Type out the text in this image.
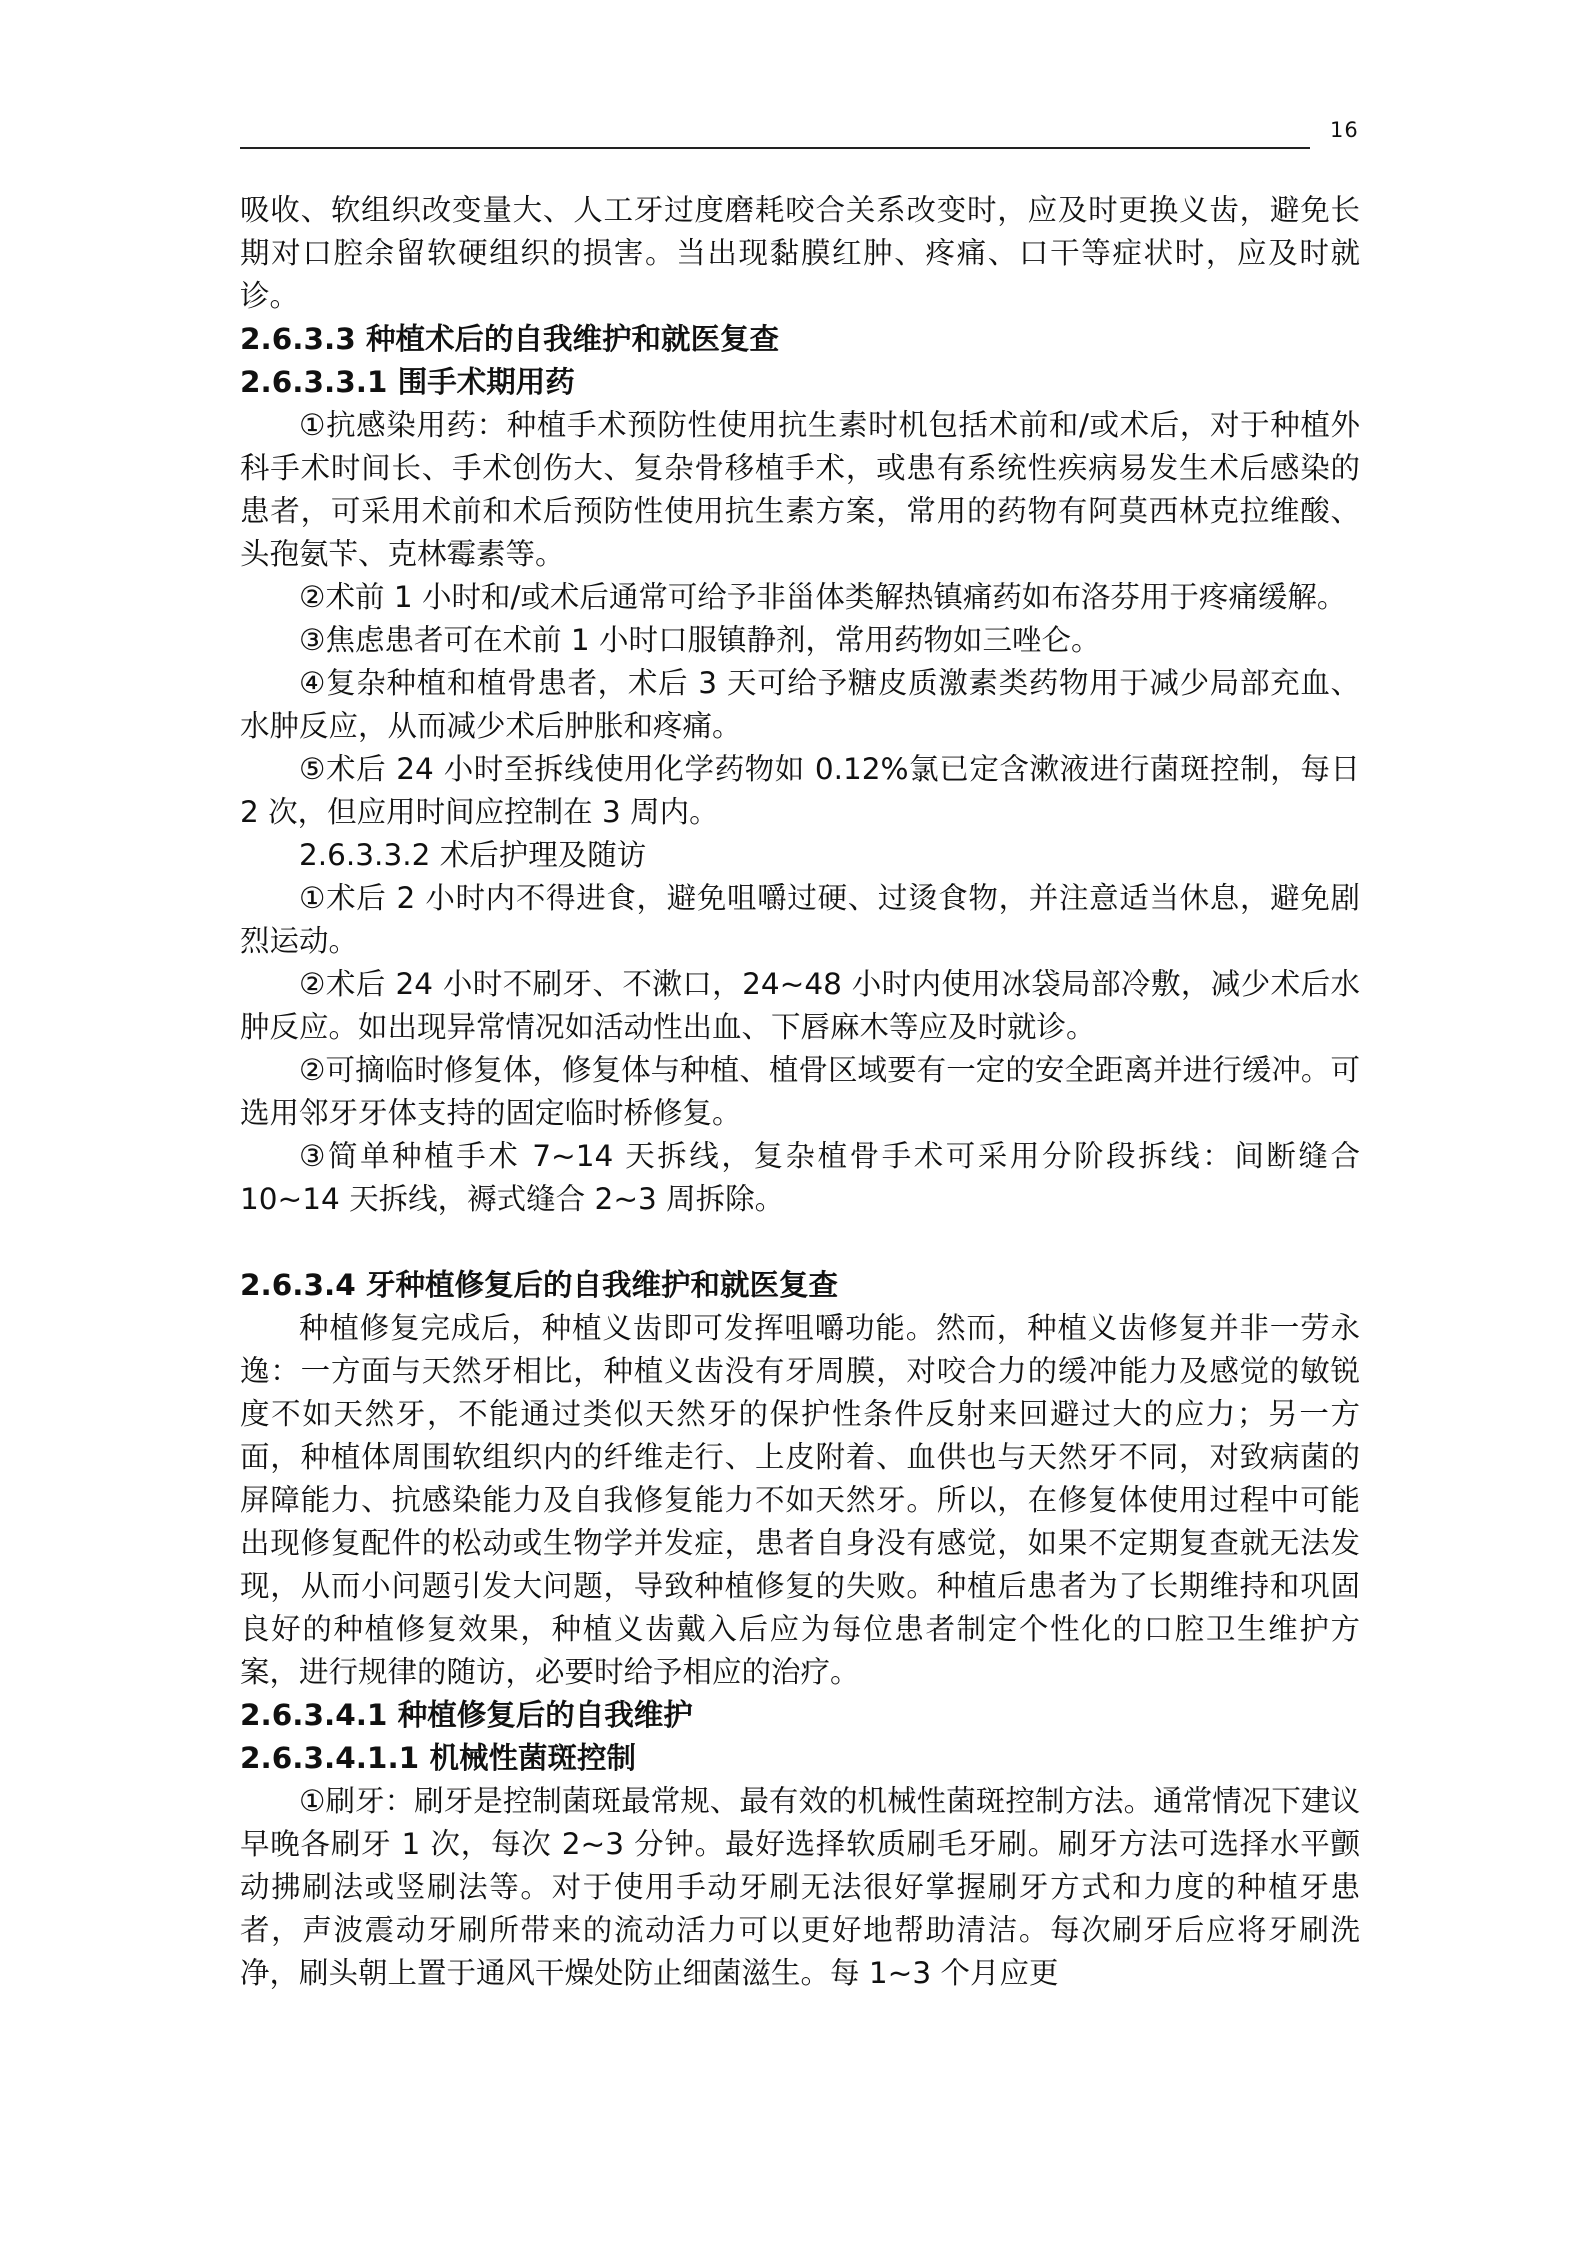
16

吸收、软组织改变量大、人工牙过度磨耗咬合关系改变时，应及时更换义齿，避免长期对口腔余留软硬组织的损害。当出现黏膜红肿、疼痛、口干等症状时，应及时就诊。

2.6.3.3 种植术后的自我维护和就医复查
2.6.3.3.1 围手术期用药

①抗感染用药：种植手术预防性使用抗生素时机包括术前和/或术后，对于种植外科手术时间长、手术创伤大、复杂骨移植手术，或患有系统性疾病易发生术后感染的患者，可采用术前和术后预防性使用抗生素方案，常用的药物有阿莫西林克拉维酸、头孢氨苄、克林霉素等。

②术前 1 小时和/或术后通常可给予非甾体类解热镇痛药如布洛芬用于疼痛缓解。

③焦虑患者可在术前 1 小时口服镇静剂，常用药物如三唑仑。

④复杂种植和植骨患者，术后 3 天可给予糖皮质激素类药物用于减少局部充血、水肿反应，从而减少术后肿胀和疼痛。

⑤术后 24 小时至拆线使用化学药物如 0.12%氯已定含漱液进行菌斑控制，每日 2 次，但应用时间应控制在 3 周内。

2.6.3.3.2 术后护理及随访

①术后 2 小时内不得进食，避免咀嚼过硬、过烫食物，并注意适当休息，避免剧烈运动。

②术后 24 小时不刷牙、不漱口，24~48 小时内使用冰袋局部冷敷，减少术后水肿反应。如出现异常情况如活动性出血、下唇麻木等应及时就诊。

②可摘临时修复体，修复体与种植、植骨区域要有一定的安全距离并进行缓冲。可选用邻牙牙体支持的固定临时桥修复。

③简单种植手术 7~14 天拆线，复杂植骨手术可采用分阶段拆线：间断缝合 10~14 天拆线，褥式缝合 2~3 周拆除。

2.6.3.4 牙种植修复后的自我维护和就医复查

种植修复完成后，种植义齿即可发挥咀嚼功能。然而，种植义齿修复并非一劳永逸：一方面与天然牙相比，种植义齿没有牙周膜，对咬合力的缓冲能力及感觉的敏锐度不如天然牙，不能通过类似天然牙的保护性条件反射来回避过大的应力；另一方面，种植体周围软组织内的纤维走行、上皮附着、血供也与天然牙不同，对致病菌的屏障能力、抗感染能力及自我修复能力不如天然牙。所以，在修复体使用过程中可能出现修复配件的松动或生物学并发症，患者自身没有感觉，如果不定期复查就无法发现，从而小问题引发大问题，导致种植修复的失败。种植后患者为了长期维持和巩固良好的种植修复效果，种植义齿戴入后应为每位患者制定个性化的口腔卫生维护方案，进行规律的随访，必要时给予相应的治疗。

2.6.3.4.1 种植修复后的自我维护
2.6.3.4.1.1 机械性菌斑控制

①刷牙：刷牙是控制菌斑最常规、最有效的机械性菌斑控制方法。通常情况下建议早晚各刷牙 1 次，每次 2~3 分钟。最好选择软质刷毛牙刷。刷牙方法可选择水平颤动拂刷法或竖刷法等。对于使用手动牙刷无法很好掌握刷牙方式和力度的种植牙患者，声波震动牙刷所带来的流动活力可以更好地帮助清洁。每次刷牙后应将牙刷洗净，刷头朝上置于通风干燥处防止细菌滋生。每 1~3 个月应更
